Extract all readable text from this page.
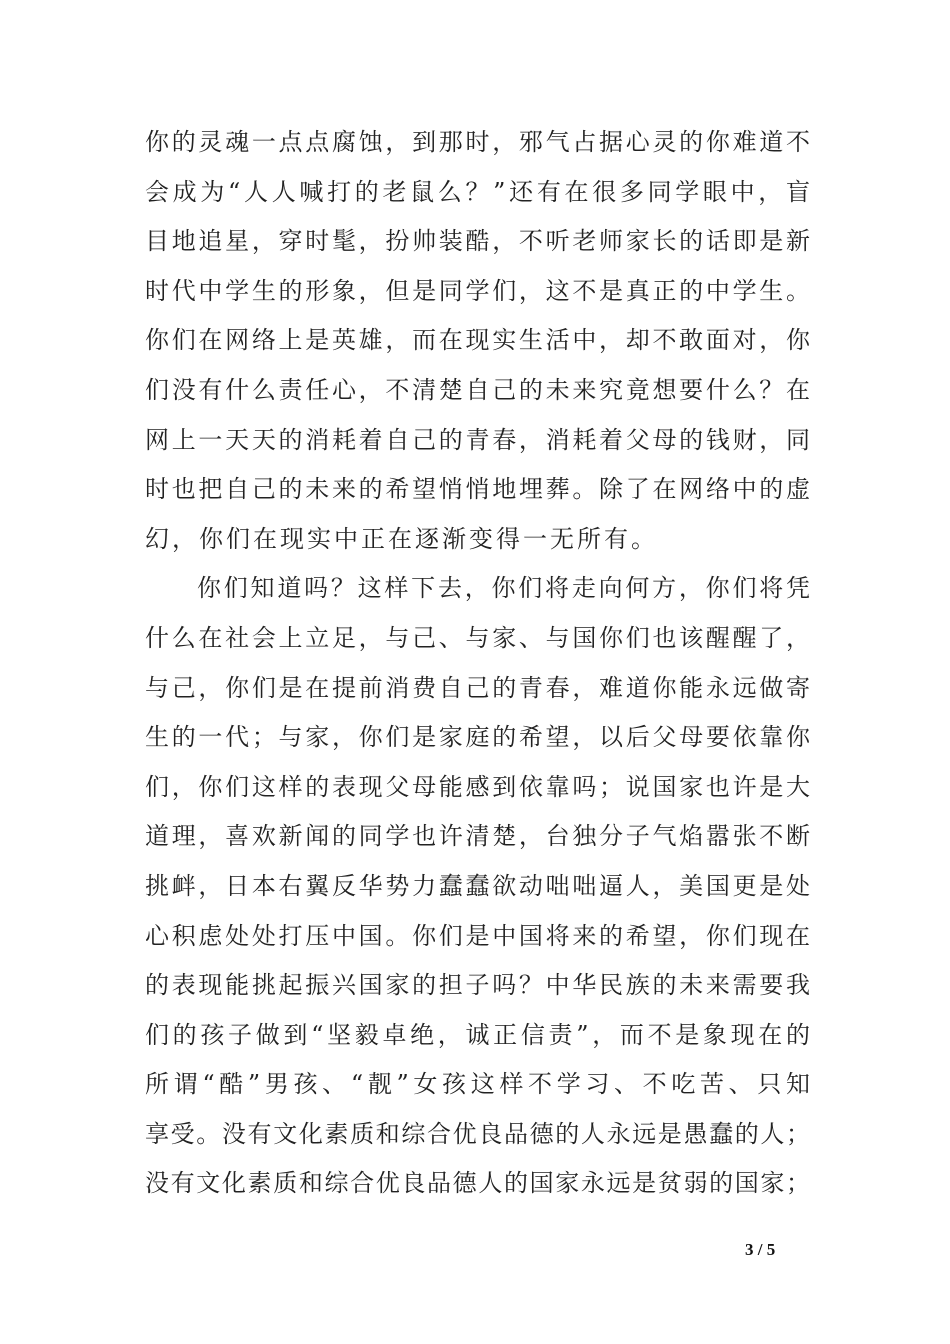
你的灵魂一点点腐蚀，到那时，邪气占据心灵的你难道不
会成为“人人喊打的老鼠么？”还有在很多同学眼中，盲
目地追星，穿时髦，扮帅装酷，不听老师家长的话即是新
时代中学生的形象，但是同学们，这不是真正的中学生。
你们在网络上是英雄，而在现实生活中，却不敢面对，你
们没有什么责任心，不清楚自己的未来究竟想要什么？在
网上一天天的消耗着自己的青春，消耗着父母的钱财，同
时也把自己的未来的希望悄悄地埋葬。除了在网络中的虚
幻，你们在现实中正在逐渐变得一无所有。
你们知道吗？这样下去，你们将走向何方，你们将凭
什么在社会上立足，与己、与家、与国你们也该醒醒了，
与己，你们是在提前消费自己的青春，难道你能永远做寄
生的一代；与家，你们是家庭的希望，以后父母要依靠你
们，你们这样的表现父母能感到依靠吗；说国家也许是大
道理，喜欢新闻的同学也许清楚，台独分子气焰嚣张不断
挑衅，日本右翼反华势力蠢蠢欲动咄咄逼人，美国更是处
心积虑处处打压中国。你们是中国将来的希望，你们现在
的表现能挑起振兴国家的担子吗？中华民族的未来需要我
们的孩子做到“坚毅卓绝，诚正信责”，而不是象现在的
所谓“酷”男孩、“靓”女孩这样不学习、不吃苦、只知
享受。没有文化素质和综合优良品德的人永远是愚蠢的人；
没有文化素质和综合优良品德人的国家永远是贫弱的国家；
3 / 5
